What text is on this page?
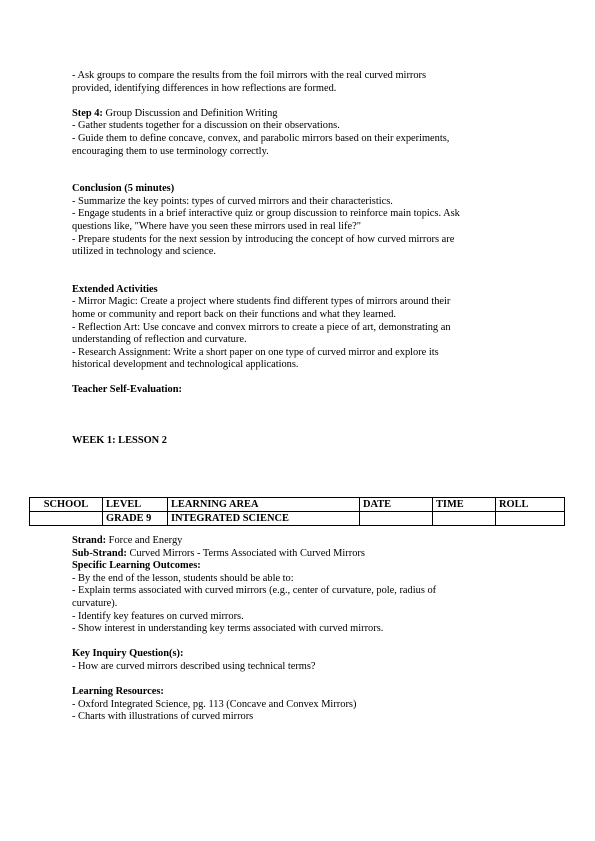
- Ask groups to compare the results from the foil mirrors with the real curved mirrors
provided, identifying differences in how reflections are formed.
Step 4: Group Discussion and Definition Writing
- Gather students together for a discussion on their observations.
- Guide them to define concave, convex, and parabolic mirrors based on their experiments,
encouraging them to use terminology correctly.
Conclusion (5 minutes)
- Summarize the key points: types of curved mirrors and their characteristics.
- Engage students in a brief interactive quiz or group discussion to reinforce main topics. Ask
questions like, "Where have you seen these mirrors used in real life?"
- Prepare students for the next session by introducing the concept of how curved mirrors are
utilized in technology and science.
Extended Activities
- Mirror Magic: Create a project where students find different types of mirrors around their
home or community and report back on their functions and what they learned.
- Reflection Art: Use concave and convex mirrors to create a piece of art, demonstrating an
understanding of reflection and curvature.
- Research Assignment: Write a short paper on one type of curved mirror and explore its
historical development and technological applications.
Teacher Self-Evaluation:
WEEK 1: LESSON 2
SCHOOL	LEVEL	LEARNING AREA	DATE	TIME	ROLL
	GRADE 9	INTEGRATED SCIENCE			
Strand: Force and Energy
Sub-Strand: Curved Mirrors - Terms Associated with Curved Mirrors
Specific Learning Outcomes:
- By the end of the lesson, students should be able to:
- Explain terms associated with curved mirrors (e.g., center of curvature, pole, radius of
curvature).
- Identify key features on curved mirrors.
- Show interest in understanding key terms associated with curved mirrors.
Key Inquiry Question(s):
- How are curved mirrors described using technical terms?
Learning Resources:
- Oxford Integrated Science, pg. 113 (Concave and Convex Mirrors)
- Charts with illustrations of curved mirrors
